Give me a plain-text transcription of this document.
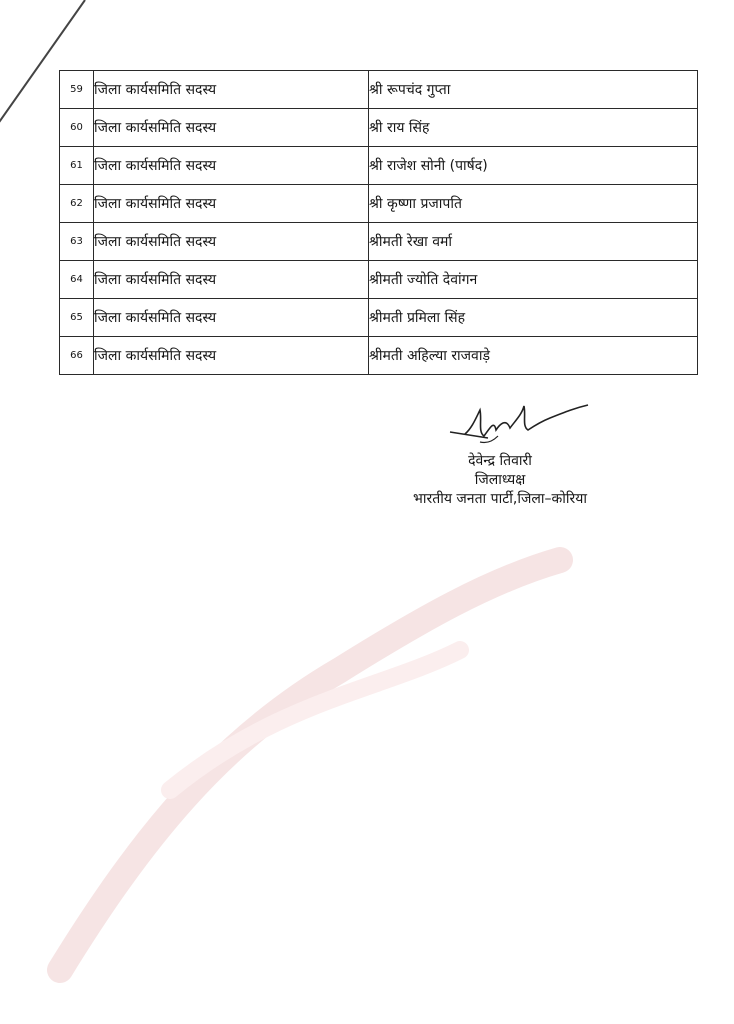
59	जिला कार्यसमिति सदस्य	श्री रूपचंद गुप्ता
60	जिला कार्यसमिति सदस्य	श्री राय सिंह
61	जिला कार्यसमिति सदस्य	श्री राजेश सोनी (पार्षद)
62	जिला कार्यसमिति सदस्य	श्री कृष्णा प्रजापति
63	जिला कार्यसमिति सदस्य	श्रीमती रेखा वर्मा
64	जिला कार्यसमिति सदस्य	श्रीमती ज्योति देवांगन
65	जिला कार्यसमिति सदस्य	श्रीमती प्रमिला सिंह
66	जिला कार्यसमिति सदस्य	श्रीमती अहिल्या राजवाड़े
देवेन्द्र तिवारी
जिलाध्यक्ष
भारतीय जनता पार्टी,जिला–कोरिया
